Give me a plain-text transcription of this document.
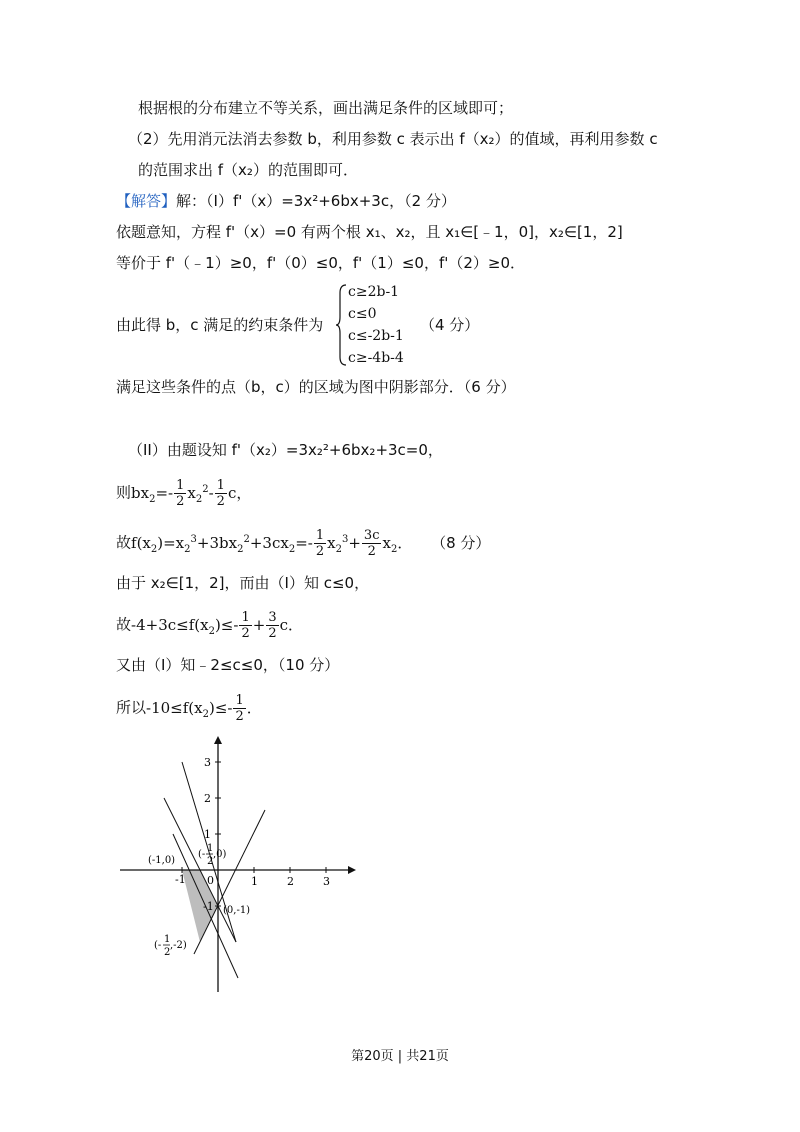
根据根的分布建立不等关系，画出满足条件的区域即可；
（2）先用消元法消去参数 b，利用参数 c 表示出 f（x₂）的值域，再利用参数 c
的范围求出 f（x₂）的范围即可．
【解答】解：（I）f'（x）=3x²+6bx+3c，（2 分）
依题意知，方程 f'（x）=0 有两个根 x₁、x₂，且 x₁∈[﹣1，0]，x₂∈[1，2]
等价于 f'（﹣1）≥0，f'（0）≤0，f'（1）≤0，f'（2）≥0．
由此得 b，c 满足的约束条件为
c≥2b-1
c≤0
c≤-2b-1
c≥-4b-4
（4 分）
满足这些条件的点（b，c）的区域为图中阴影部分．（6 分）
（II）由题设知 f'（x₂）=3x₂²+6bx₂+3c=0，
则$bx_2=- \frac{1}{2} x_2^2- \frac{1}{2}$ c，
故$f(x_2)=x_2^3+3bx_2^2+3cx_2=- \frac{1}{2} x_2^3+ \frac{3c}{2} x_2$． （8 分）
由于 x₂∈[1，2]，而由（I）知 c≤0，
故$-4+3c\le f(x_2)\le- \frac{1}{2} + \frac{3}{2}$ c．
又由（I）知﹣2≤c≤0，（10 分）
所以$-10\le f(x_2)\le- \frac{1}{2}$ ．
1	2	3
3
2
1
0
-1
-1
(-1,0)
(-
1
2
,0)
(0,-1)
(-
1
2
,-2)
第20页 | 共21页
